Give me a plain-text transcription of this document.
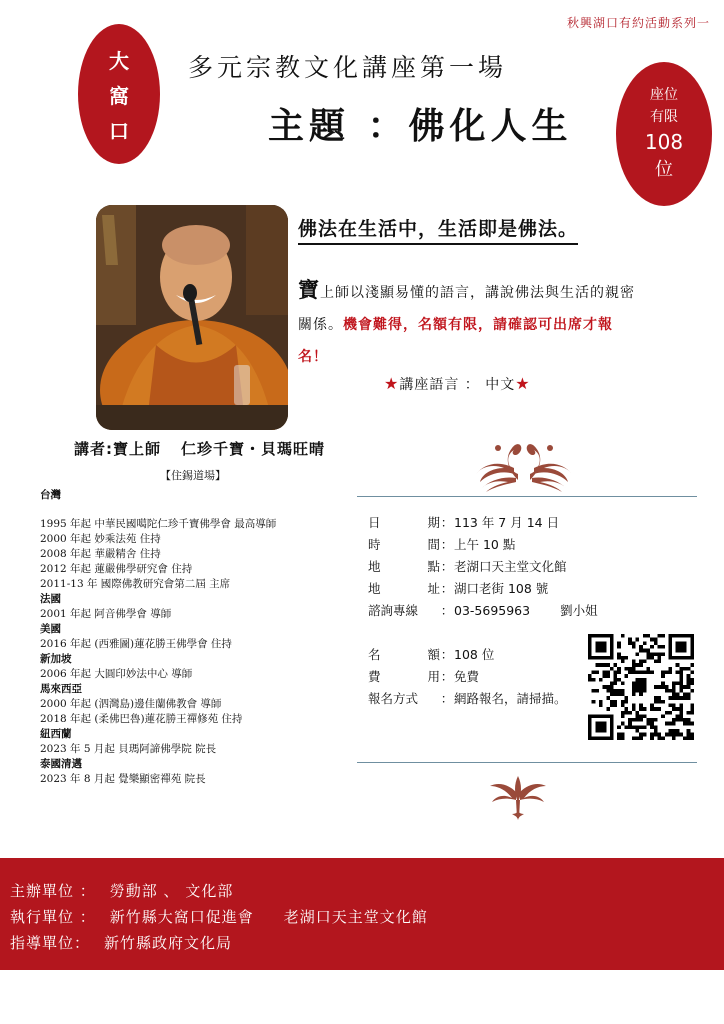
秋興湖口有約活動系列一
大
窩
口
多元宗教文化講座第一場
主題 ：佛化人生
座位
有限
108
位
講者:寶上師 仁珍千寶・貝瑪旺晴
【住錫道場】
台灣
1995 年起 中華民國噶陀仁珍千寶佛學會 最高導師
2000 年起 妙乘法苑 住持
2008 年起 華嚴精舍 住持
2012 年起 蓮嚴佛學研究會 住持
2011-13 年 國際佛教研究會第二屆 主席
法國
2001 年起 阿音佛學會 導師
美國
2016 年起 (西雅圖)蓮花勝王佛學會 住持
新加坡
2006 年起 大圓印妙法中心 導師
馬來西亞
2000 年起 (泗灣島)邊佳蘭佛教會 導師
2018 年起 (柔佛巴魯)蓮花勝王禪修苑 住持
紐西蘭
2023 年 5 月起 貝瑪阿諦佛學院 院長
泰國清邁
2023 年 8 月起 覺樂顯密禪苑 院長
佛法在生活中，生活即是佛法。
寶上師以淺顯易懂的語言，講說佛法與生活的親密關係。機會難得，名額有限，請確認可出席才報名！
★講座語言 ： 中文★
日	期 ： 113 年 7 月 14 日
時	間 ： 上午 10 點
地	點 ： 老湖口天主堂文化館
地	址 ： 湖口老街 108 號
諮詢專線	： 03-5695963 劉小姐
名	額 ： 108 位
費	用 ： 免費
報名方式	： 網路報名，請掃描。
主辦單位 ： 勞動部 、 文化部
執行單位 ： 新竹縣大窩口促進會 老湖口天主堂文化館
指導單位： 新竹縣政府文化局
